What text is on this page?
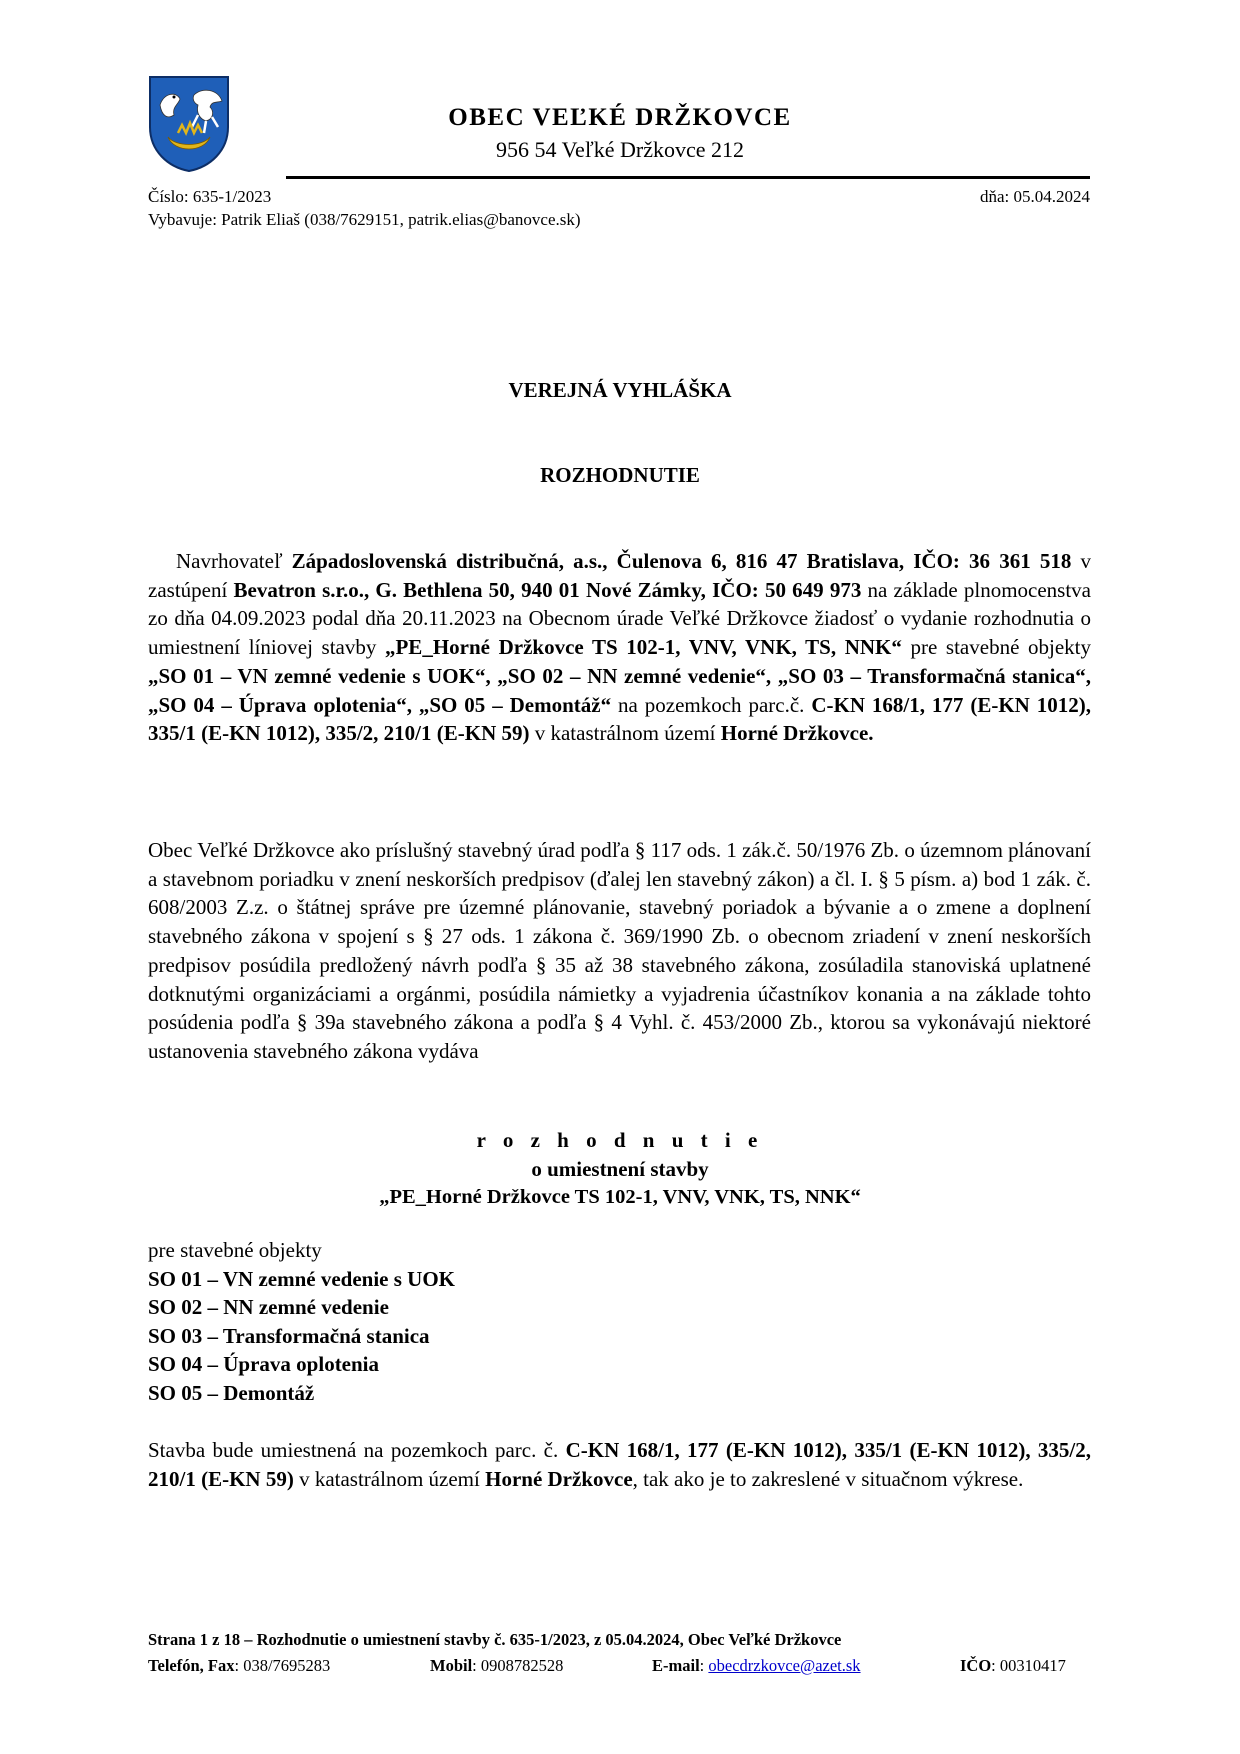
OBEC VEĽKÉ DRŽKOVCE
956 54 Veľké Držkovce 212
Číslo: 635-1/2023
Vybavuje: Patrik Eliaš (038/7629151, patrik.elias@banovce.sk)
dňa: 05.04.2024
VEREJNÁ VYHLÁŠKA
ROZHODNUTIE

Navrhovateľ Západoslovenská distribučná, a.s., Čulenova 6, 816 47 Bratislava, IČO: 36 361 518 v zastúpení Bevatron s.r.o., G. Bethlena 50, 940 01 Nové Zámky, IČO: 50 649 973 na základe plnomocenstva zo dňa 04.09.2023 podal dňa 20.11.2023 na Obecnom úrade Veľké Držkovce žiadosť o vydanie rozhodnutia o umiestnení líniovej stavby „PE_Horné Držkovce TS 102-1, VNV, VNK, TS, NNK“ pre stavebné objekty „SO 01 – VN zemné vedenie s UOK“, „SO 02 – NN zemné vedenie“, „SO 03 – Transformačná stanica“, „SO 04 – Úprava oplotenia“, „SO 05 – Demontáž“ na pozemkoch parc.č. C-KN 168/1, 177 (E-KN 1012), 335/1 (E-KN 1012), 335/2, 210/1 (E-KN 59) v katastrálnom území Horné Držkovce.

Obec Veľké Držkovce ako príslušný stavebný úrad podľa § 117 ods. 1 zák.č. 50/1976 Zb. o územnom plánovaní a stavebnom poriadku v znení neskorších predpisov (ďalej len stavebný zákon) a čl. I. § 5 písm. a) bod 1 zák. č. 608/2003 Z.z. o štátnej správe pre územné plánovanie, stavebný poriadok a bývanie a o zmene a doplnení stavebného zákona v spojení s § 27 ods. 1 zákona č. 369/1990 Zb. o obecnom zriadení v znení neskorších predpisov posúdila predložený návrh podľa § 35 až 38 stavebného zákona, zosúladila stanoviská uplatnené dotknutými organizáciami a orgánmi, posúdila námietky a vyjadrenia účastníkov konania a na základe tohto posúdenia podľa § 39a stavebného zákona a podľa § 4 Vyhl. č. 453/2000 Zb., ktorou sa vykonávajú niektoré ustanovenia stavebného zákona vydáva

r o z h o d n u t i e
o umiestnení stavby
„PE_Horné Držkovce TS 102-1, VNV, VNK, TS, NNK“
pre stavebné objekty
SO 01 – VN zemné vedenie s UOK
SO 02 – NN zemné vedenie
SO 03 – Transformačná stanica
SO 04 – Úprava oplotenia
SO 05 – Demontáž

Stavba bude umiestnená na pozemkoch parc. č. C-KN 168/1, 177 (E-KN 1012), 335/1 (E-KN 1012), 335/2, 210/1 (E-KN 59) v katastrálnom území Horné Držkovce, tak ako je to zakreslené v situačnom výkrese.

Strana 1 z 18 – Rozhodnutie o umiestnení stavby č. 635-1/2023, z 05.04.2024, Obec Veľké Držkovce
Telefón, Fax: 038/7695283	Mobil: 0908782528	E-mail: obecdrzkovce@azet.sk	IČO: 00310417
